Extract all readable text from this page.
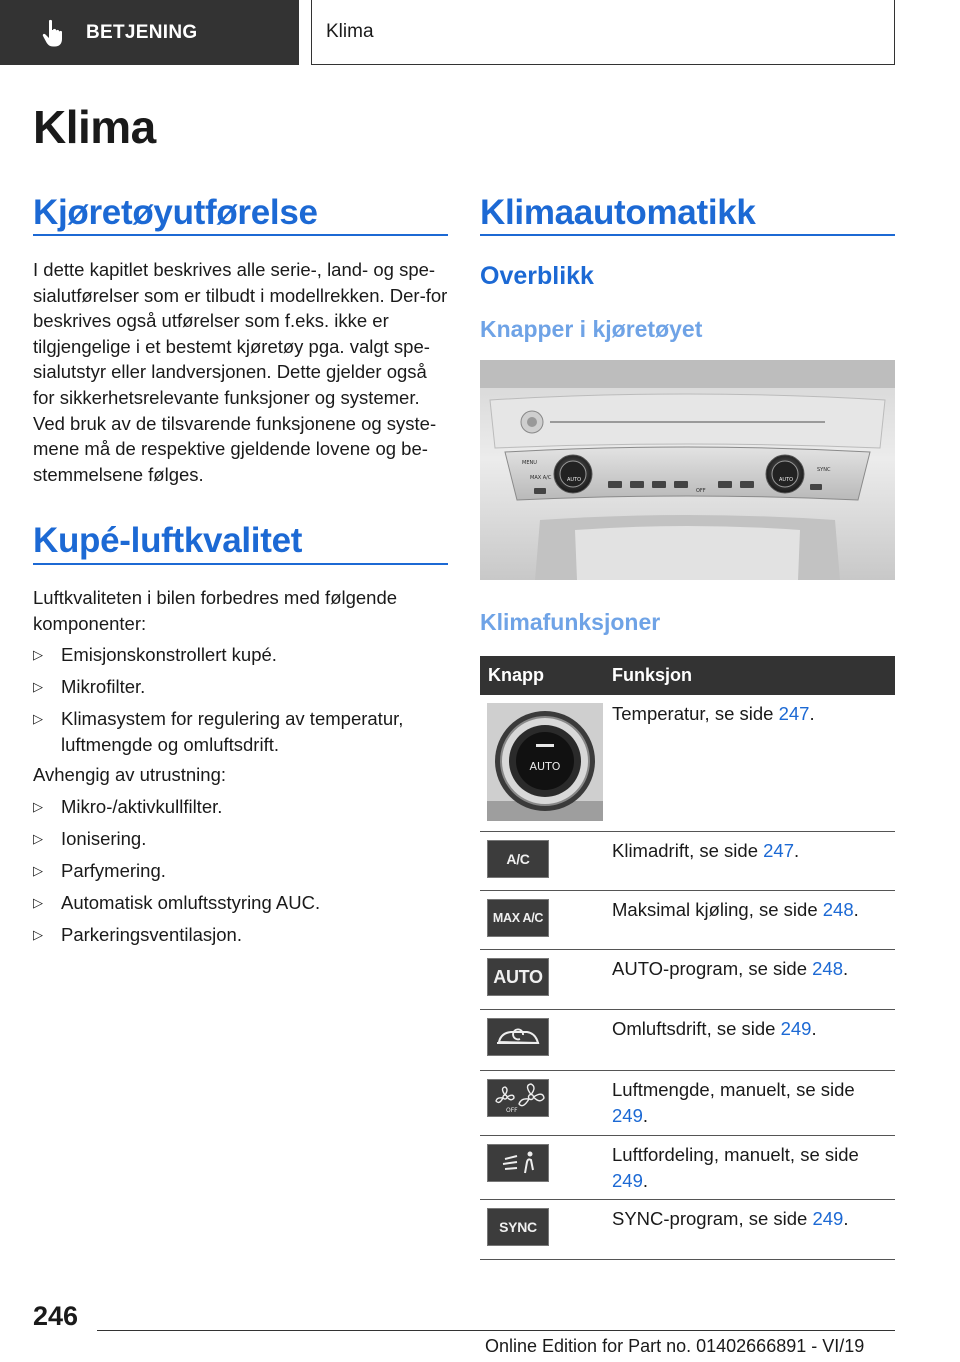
BETJENING	Klima
Klima
Kjøretøyutførelse

I dette kapitlet beskrives alle serie-, land- og spe-sialutførelser som er tilbudt i modellrekken. Der-for beskrives også utførelser som f.eks. ikke er tilgjengelige i et bestemt kjøretøy pga. valgt spe-sialutstyr eller landversjonen. Dette gjelder også for sikkerhetsrelevante funksjoner og systemer. Ved bruk av de tilsvarende funksjonene og syste-mene må de respektive gjeldende lovene og be-stemmelsene følges.

Kupé-luftkvalitet

Luftkvaliteten i bilen forbedres med følgende komponenter:

▷ Emisjonskonstrollert kupé.
▷ Mikrofilter.
▷ Klimasystem for regulering av temperatur, luftmengde og omluftsdrift.

Avhengig av utrustning:

▷ Mikro-/aktivkullfilter.
▷ Ionisering.
▷ Parfymering.
▷ Automatisk omluftsstyring AUC.
▷ Parkeringsventilasjon.
Klimaautomatikk
Overblikk
Knapper i kjøretøyet
MENU
MAX A/C	AUTO	AUTO
SYNC
OFF
Klimafunksjoner
Knapp	Funksjon

AUTO	Temperatur, se side 247.

A/C	Klimadrift, se side 247.

MAX A/C	Maksimal kjøling, se side 248.

AUTO	AUTO-program, se side 248.
	Omluftsdrift, se side 249.

OFF	Luftmengde, manuelt, se side 249.
	Luftfordeling, manuelt, se side 249.

SYNC	SYNC-program, se side 249.
246
Online Edition for Part no. 01402666891 - VI/19
